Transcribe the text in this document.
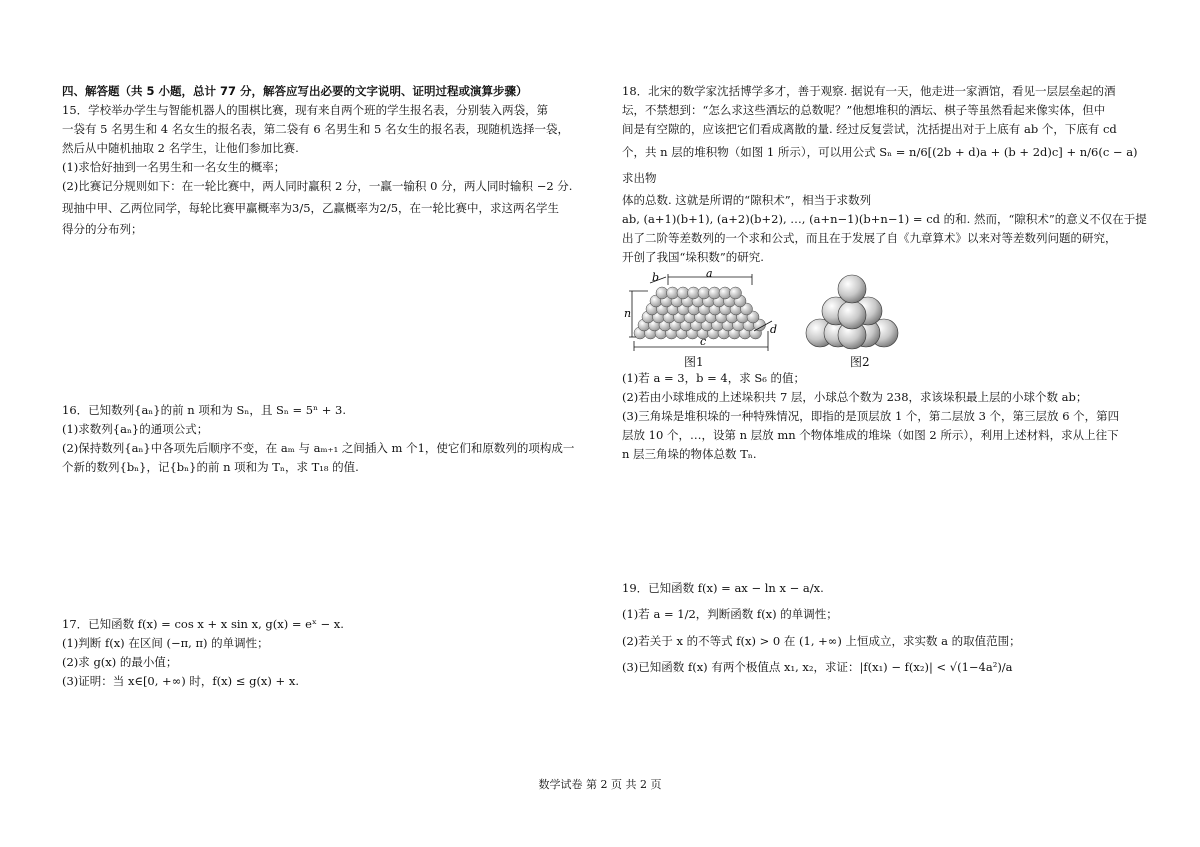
四、解答题（共 5 小题，总计 77 分，解答应写出必要的文字说明、证明过程或演算步骤）

15．学校举办学生与智能机器人的围棋比赛，现有来自两个班的学生报名表，分别装入两袋，第

一袋有 5 名男生和 4 名女生的报名表，第二袋有 6 名男生和 5 名女生的报名表，现随机选择一袋，

然后从中随机抽取 2 名学生，让他们参加比赛.

(1)求恰好抽到一名男生和一名女生的概率；

(2)比赛记分规则如下：在一轮比赛中，两人同时赢积 2 分，一赢一输积 0 分，两人同时输积 −2 分.

现抽中甲、乙两位同学，每轮比赛甲赢概率为3/5，乙赢概率为2/5，在一轮比赛中，求这两名学生

得分的分布列；

16．已知数列{aₙ}的前 n 项和为 Sₙ，且 Sₙ = 5ⁿ + 3.

(1)求数列{aₙ}的通项公式；

(2)保持数列{aₙ}中各项先后顺序不变，在 aₘ 与 aₘ₊₁ 之间插入 m 个1，使它们和原数列的项构成一

个新的数列{bₙ}，记{bₙ}的前 n 项和为 Tₙ，求 T₁₈ 的值.

17．已知函数 f(x) = cos x + x sin x, g(x) = eˣ − x.

(1)判断 f(x) 在区间 (−π, π) 的单调性；

(2)求 g(x) 的最小值；

(3)证明：当 x∈[0, +∞) 时，f(x) ≤ g(x) + x.

18．北宋的数学家沈括博学多才，善于观察. 据说有一天，他走进一家酒馆，看见一层层垒起的酒

坛，不禁想到：“怎么求这些酒坛的总数呢？”他想堆积的酒坛、棋子等虽然看起来像实体，但中

间是有空隙的，应该把它们看成离散的量. 经过反复尝试，沈括提出对于上底有 ab 个，下底有 cd

个，共 n 层的堆积物（如图 1 所示），可以用公式 Sₙ = n/6[(2b + d)a + (b + 2d)c] + n/6(c − a) 求出物

体的总数. 这就是所谓的“隙积术”，相当于求数列

ab, (a+1)(b+1), (a+2)(b+2), …, (a+n−1)(b+n−1) = cd 的和. 然而，“隙积术”的意义不仅在于提

出了二阶等差数列的一个求和公式，而且在于发展了自《九章算术》以来对等差数列问题的研究，

开创了我国“垛积数”的研究.

a
b
n
c
d
图1	图2

(1)若 a = 3，b = 4，求 S₆ 的值；

(2)若由小球堆成的上述垛积共 7 层，小球总个数为 238，求该垛积最上层的小球个数 ab；

(3)三角垛是堆积垛的一种特殊情况，即指的是顶层放 1 个，第二层放 3 个，第三层放 6 个，第四

层放 10 个，…，设第 n 层放 mn 个物体堆成的堆垛（如图 2 所示），利用上述材料，求从上往下

n 层三角垛的物体总数 Tₙ.

19．已知函数 f(x) = ax − ln x − a/x.

(1)若 a = 1/2，判断函数 f(x) 的单调性；

(2)若关于 x 的不等式 f(x) > 0 在 (1, +∞) 上恒成立，求实数 a 的取值范围；

(3)已知函数 f(x) 有两个极值点 x₁, x₂，求证：|f(x₁) − f(x₂)| < √(1−4a²)/a

数学试卷 第 2 页 共 2 页
